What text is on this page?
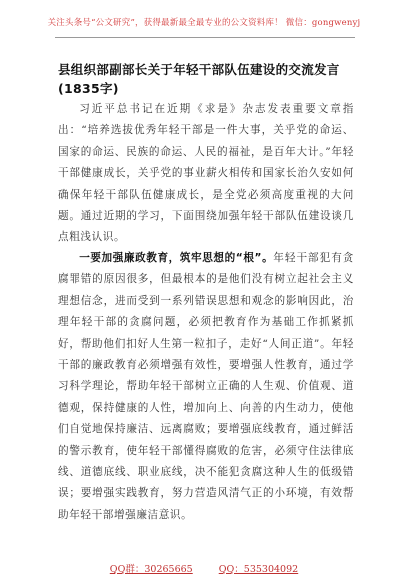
关注头条号“公文研究”，获得最新最全最专业的公文资料库！ 微信：gongwenyj
县组织部副部长关于年轻干部队伍建设的交流发言(1835字)
习近平总书记在近期《求是》杂志发表重要文章指出：“培养选拔优秀年轻干部是一件大事，关乎党的命运、国家的命运、民族的命运、人民的福祉，是百年大计。”年轻干部健康成长，关乎党的事业薪火相传和国家长治久安如何确保年轻干部队伍健康成长，是全党必须高度重视的大问题。通过近期的学习，下面围绕加强年轻干部队伍建设谈几点粗浅认识。
一要加强廉政教育，筑牢思想的“根”。年轻干部犯有贪腐罪错的原因很多，但最根本的是他们没有树立起社会主义理想信念，进而受到一系列错误思想和观念的影响因此，治理年轻干部的贪腐问题，必须把教育作为基础工作抓紧抓好，帮助他们扣好人生第一粒扣子，走好“人间正道”。年轻干部的廉政教育必须增强有效性，要增强人性教育，通过学习科学理论，帮助年轻干部树立正确的人生观、价值观、道德观，保持健康的人性，增加向上、向善的内生动力，使他们自觉地保持廉洁、远离腐败；要增强底线教育，通过鲜活的警示教育，使年轻干部懂得腐败的危害，必须守住法律底线、道德底线、职业底线，决不能犯贪腐这种人生的低级错误；要增强实践教育，努力营造风清气正的小环境，有效帮助年轻干部增强廉洁意识。
QQ群：30265665	QQ：535304092
